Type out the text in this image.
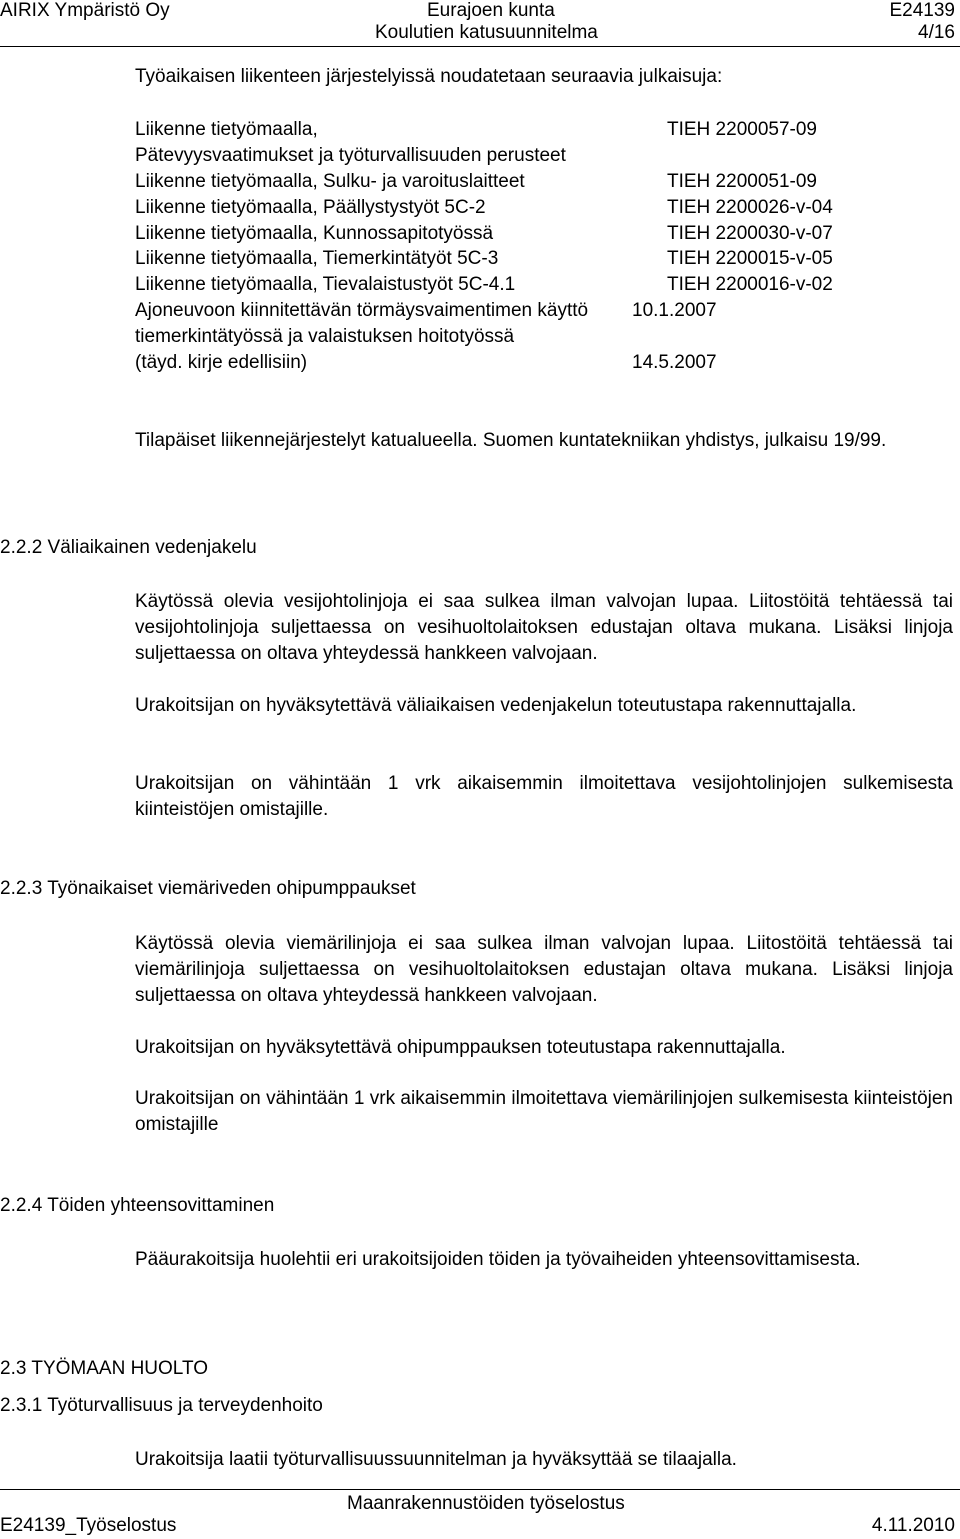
AIRIX Ympäristö Oy	Eurajoen kunta
Koulutien katusuunnitelma
E24139
4/16
Työaikaisen liikenteen järjestelyissä noudatetaan seuraavia julkaisuja:
Liikenne tietyömaalla,	TIEH 2200057-09
Pätevyysvaatimukset ja työturvallisuuden perusteet
Liikenne tietyömaalla, Sulku- ja varoituslaitteet	TIEH 2200051-09
Liikenne tietyömaalla, Päällystystyöt 5C-2	TIEH 2200026-v-04
Liikenne tietyömaalla, Kunnossapitotyössä	TIEH 2200030-v-07
Liikenne tietyömaalla, Tiemerkintätyöt 5C-3	TIEH 2200015-v-05
Liikenne tietyömaalla, Tievalaistustyöt 5C-4.1	TIEH 2200016-v-02
Ajoneuvoon kiinnitettävän törmäysvaimentimen käyttö 10.1.2007
tiemerkintätyössä ja valaistuksen hoitotyössä
(täyd. kirje edellisiin)	14.5.2007
Tilapäiset liikennejärjestelyt katualueella. Suomen kuntatekniikan yhdistys, julkaisu 19/99.
2.2.2 Väliaikainen vedenjakelu
Käytössä olevia vesijohtolinjoja ei saa sulkea ilman valvojan lupaa. Liitostöitä tehtäessä tai vesijohtolinjoja suljettaessa on vesihuoltolaitoksen edustajan oltava mukana. Lisäksi linjoja suljettaessa on oltava yhteydessä hankkeen valvojaan.
Urakoitsijan on hyväksytettävä väliaikaisen vedenjakelun toteutustapa rakennuttajalla.
Urakoitsijan on vähintään 1 vrk aikaisemmin ilmoitettava vesijohtolinjojen sulkemisesta kiinteistöjen omistajille.
2.2.3 Työnaikaiset viemäriveden ohipumppaukset
Käytössä olevia viemärilinjoja ei saa sulkea ilman valvojan lupaa. Liitostöitä tehtäessä tai viemärilinjoja suljettaessa on vesihuoltolaitoksen edustajan oltava mukana. Lisäksi linjoja suljettaessa on oltava yhteydessä hankkeen valvojaan.
Urakoitsijan on hyväksytettävä ohipumppauksen toteutustapa rakennuttajalla.
Urakoitsijan on vähintään 1 vrk aikaisemmin ilmoitettava viemärilinjojen sulkemisesta kiinteistöjen omistajille
2.2.4 Töiden yhteensovittaminen
Pääurakoitsija huolehtii eri urakoitsijoiden töiden ja työvaiheiden yhteensovittamisesta.
2.3 TYÖMAAN HUOLTO
2.3.1 Työturvallisuus ja terveydenhoito
Urakoitsija laatii työturvallisuussuunnitelman ja hyväksyttää se tilaajalla.
E24139_Työselostus
Maanrakennustöiden työselostus
4.11.2010
